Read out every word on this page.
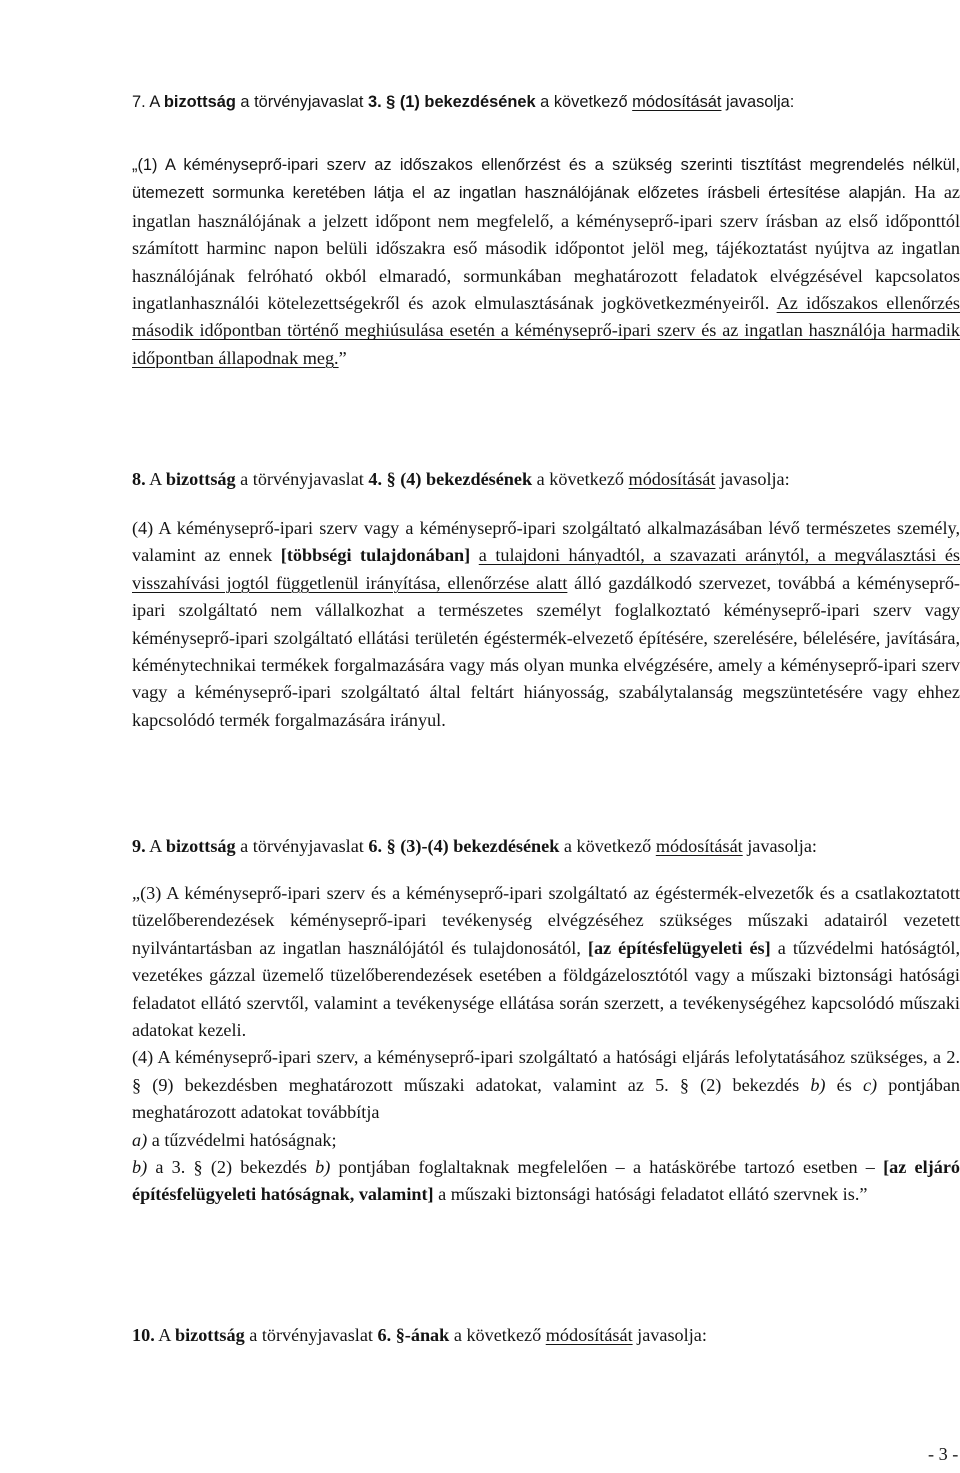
7. A bizottság a törvényjavaslat 3. § (1) bekezdésének a következő módosítását javasolja:
„(1) A kéményseprő-ipari szerv az időszakos ellenőrzést és a szükség szerinti tisztítást megrendelés nélkül, ütemezett sormunka keretében látja el az ingatlan használójának előzetes írásbeli értesítése alapján. Ha az ingatlan használójának a jelzett időpont nem megfelelő, a kéményseprő-ipari szerv írásban az első időponttól számított harminc napon belüli időszakra eső második időpontot jelöl meg, tájékoztatást nyújtva az ingatlan használójának felróható okból elmaradó, sormunkában meghatározott feladatok elvégzésével kapcsolatos ingatlanhasználói kötelezettségekről és azok elmulasztásának jogkövetkezményeiről. Az időszakos ellenőrzés második időpontban történő meghiúsulása esetén a kéményseprő-ipari szerv és az ingatlan használója harmadik időpontban állapodnak meg.”
8. A bizottság a törvényjavaslat 4. § (4) bekezdésének a következő módosítását javasolja:
(4) A kéményseprő-ipari szerv vagy a kéményseprő-ipari szolgáltató alkalmazásában lévő természetes személy, valamint az ennek [többségi tulajdonában] a tulajdoni hányadtól, a szavazati aránytól, a megválasztási és visszahívási jogtól függetlenül irányítása, ellenőrzése alatt álló gazdálkodó szervezet, továbbá a kéményseprő-ipari szolgáltató nem vállalkozhat a természetes személyt foglalkoztató kéményseprő-ipari szerv vagy kéményseprő-ipari szolgáltató ellátási területén égéstermék-elvezető építésére, szerelésére, bélelésére, javítására, kéménytechnikai termékek forgalmazására vagy más olyan munka elvégzésére, amely a kéményseprő-ipari szerv vagy a kéményseprő-ipari szolgáltató által feltárt hiányosság, szabálytalanság megszüntetésére vagy ehhez kapcsolódó termék forgalmazására irányul.
9. A bizottság a törvényjavaslat 6. § (3)-(4) bekezdésének a következő módosítását javasolja:

„(3) A kéményseprő-ipari szerv és a kéményseprő-ipari szolgáltató az égéstermék-elvezetők és a csatlakoztatott tüzelőberendezések kéményseprő-ipari tevékenység elvégzéséhez szükséges műszaki adatairól vezetett nyilvántartásban az ingatlan használójától és tulajdonosától, [az építésfelügyeleti és] a tűzvédelmi hatóságtól, vezetékes gázzal üzemelő tüzelőberendezések esetében a földgázelosztótól vagy a műszaki biztonsági hatósági feladatot ellátó szervtől, valamint a tevékenysége ellátása során szerzett, a tevékenységéhez kapcsolódó műszaki adatokat kezeli.

(4) A kéményseprő-ipari szerv, a kéményseprő-ipari szolgáltató a hatósági eljárás lefolytatásához szükséges, a 2. § (9) bekezdésben meghatározott műszaki adatokat, valamint az 5. § (2) bekezdés b) és c) pontjában meghatározott adatokat továbbítja

a) a tűzvédelmi hatóságnak;

b) a 3. § (2) bekezdés b) pontjában foglaltaknak megfelelően – a hatáskörébe tartozó esetben – [az eljáró építésfelügyeleti hatóságnak, valamint] a műszaki biztonsági hatósági feladatot ellátó szervnek is.”

10. A bizottság a törvényjavaslat 6. §-ának a következő módosítását javasolja:
- 3 -
